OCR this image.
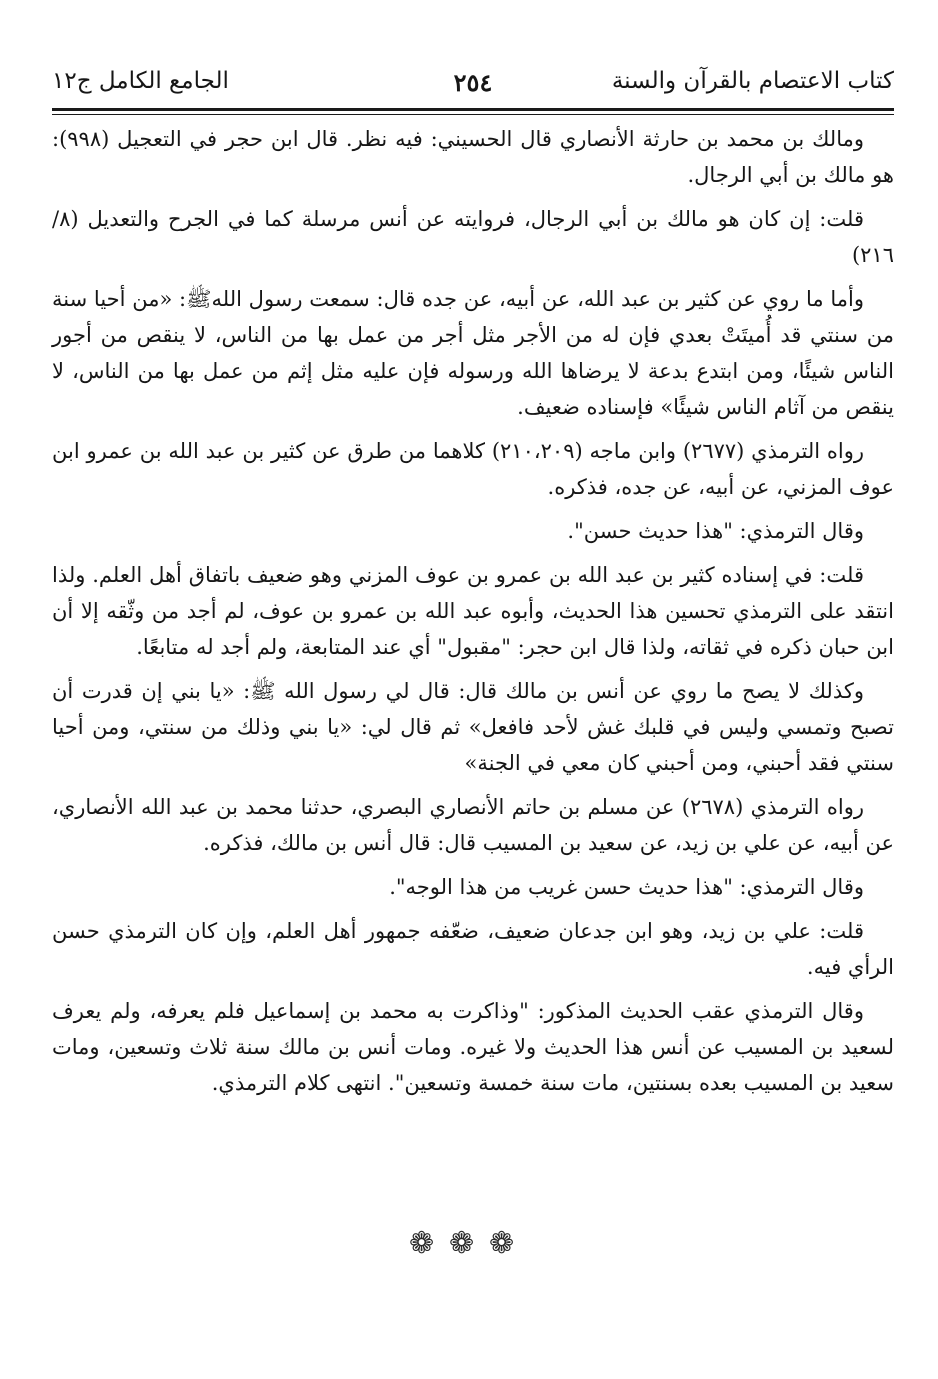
كتاب الاعتصام بالقرآن والسنة
٢٥٤
الجامع الكامل ج١٢

ومالك بن محمد بن حارثة الأنصاري قال الحسيني: فيه نظر. قال ابن حجر في التعجيل (٩٩٨): هو مالك بن أبي الرجال.

قلت: إن كان هو مالك بن أبي الرجال، فروايته عن أنس مرسلة كما في الجرح والتعديل (٨/ ٢١٦)

وأما ما روي عن كثير بن عبد الله، عن أبيه، عن جده قال: سمعت رسول اللهﷺ: «من أحيا سنة من سنتي قد أُميتَتْ بعدي فإن له من الأجر مثل أجر من عمل بها من الناس، لا ينقص من أجور الناس شيئًا، ومن ابتدع بدعة لا يرضاها الله ورسوله فإن عليه مثل إثم من عمل بها من الناس، لا ينقص من آثام الناس شيئًا» فإسناده ضعيف.

رواه الترمذي (٢٦٧٧) وابن ماجه (٢١٠،٢٠٩) كلاهما من طرق عن كثير بن عبد الله بن عمرو ابن عوف المزني، عن أبيه، عن جده، فذكره.

وقال الترمذي: "هذا حديث حسن".

قلت: في إسناده كثير بن عبد الله بن عمرو بن عوف المزني وهو ضعيف باتفاق أهل العلم. ولذا انتقد على الترمذي تحسين هذا الحديث، وأبوه عبد الله بن عمرو بن عوف، لم أجد من وثّقه إلا أن ابن حبان ذكره في ثقاته، ولذا قال ابن حجر: "مقبول" أي عند المتابعة، ولم أجد له متابعًا.

وكذلك لا يصح ما روي عن أنس بن مالك قال: قال لي رسول الله ﷺ: «يا بني إن قدرت أن تصبح وتمسي وليس في قلبك غش لأحد فافعل» ثم قال لي: «يا بني وذلك من سنتي، ومن أحيا سنتي فقد أحبني، ومن أحبني كان معي في الجنة»

رواه الترمذي (٢٦٧٨) عن مسلم بن حاتم الأنصاري البصري، حدثنا محمد بن عبد الله الأنصاري، عن أبيه، عن علي بن زيد، عن سعيد بن المسيب قال: قال أنس بن مالك، فذكره.

وقال الترمذي: "هذا حديث حسن غريب من هذا الوجه".

قلت: علي بن زيد، وهو ابن جدعان ضعيف، ضعّفه جمهور أهل العلم، وإن كان الترمذي حسن الرأي فيه.

وقال الترمذي عقب الحديث المذكور: "وذاكرت به محمد بن إسماعيل فلم يعرفه، ولم يعرف لسعيد بن المسيب عن أنس هذا الحديث ولا غيره. ومات أنس بن مالك سنة ثلاث وتسعين، ومات سعيد بن المسيب بعده بسنتين، مات سنة خمسة وتسعين". انتهى كلام الترمذي.

❁❁❁
